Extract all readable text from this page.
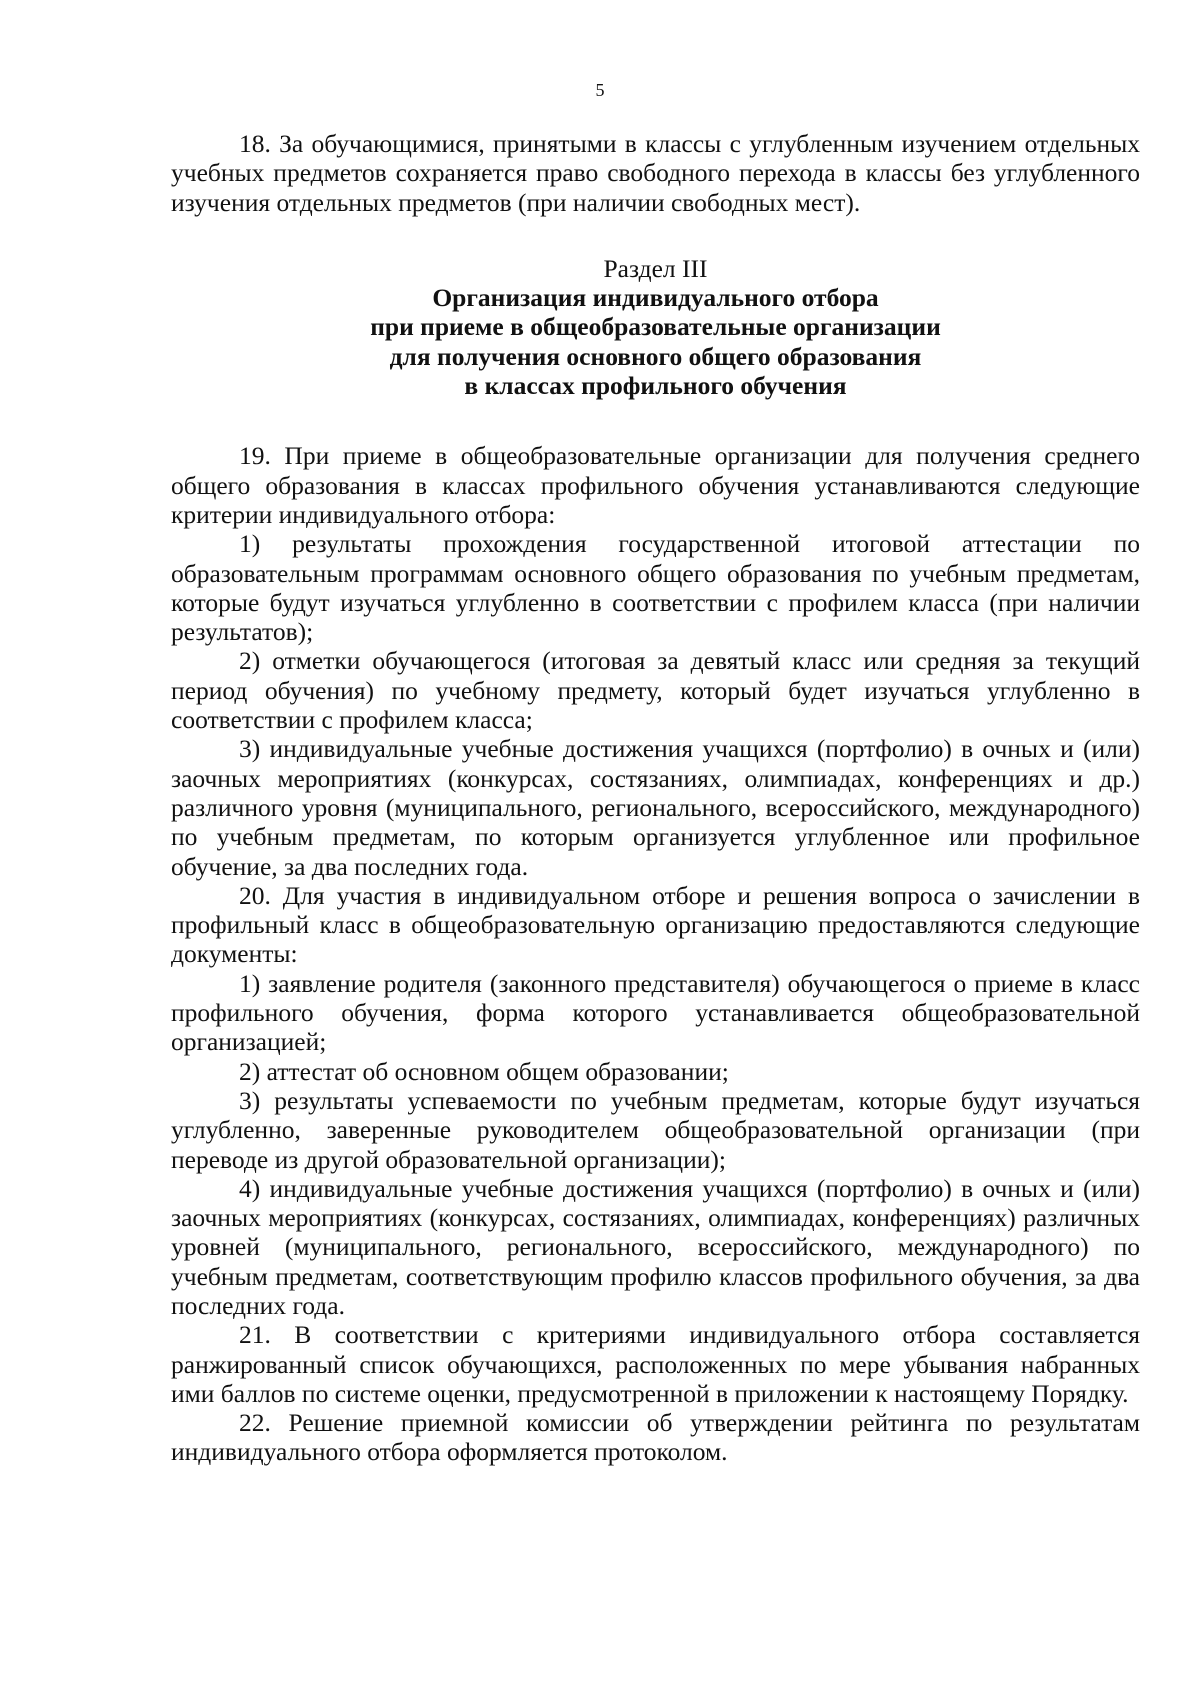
5

18. За обучающимися, принятыми в классы с углубленным изучением отдельных учебных предметов сохраняется право свободного перехода в классы без углубленного изучения отдельных предметов (при наличии свободных мест).

Раздел III
Организация индивидуального отбора
при приеме в общеобразовательные организации
для получения основного общего образования
в классах профильного обучения

19. При приеме в общеобразовательные организации для получения среднего общего образования в классах профильного обучения устанавливаются следующие критерии индивидуального отбора:

1) результаты прохождения государственной итоговой аттестации по образовательным программам основного общего образования по учебным предметам, которые будут изучаться углубленно в соответствии с профилем класса (при наличии результатов);

2) отметки обучающегося (итоговая за девятый класс или средняя за текущий период обучения) по учебному предмету, который будет изучаться углубленно в соответствии с профилем класса;

3) индивидуальные учебные достижения учащихся (портфолио) в очных и (или) заочных мероприятиях (конкурсах, состязаниях, олимпиадах, конференциях и др.) различного уровня (муниципального, регионального, всероссийского, международного) по учебным предметам, по которым организуется углубленное или профильное обучение, за два последних года.

20. Для участия в индивидуальном отборе и решения вопроса о зачислении в профильный класс в общеобразовательную организацию предоставляются следующие документы:

1) заявление родителя (законного представителя) обучающегося о приеме в класс профильного обучения, форма которого устанавливается общеобразовательной организацией;

2) аттестат об основном общем образовании;

3) результаты успеваемости по учебным предметам, которые будут изучаться углубленно, заверенные руководителем общеобразовательной организации (при переводе из другой образовательной организации);

4) индивидуальные учебные достижения учащихся (портфолио) в очных и (или) заочных мероприятиях (конкурсах, состязаниях, олимпиадах, конференциях) различных уровней (муниципального, регионального, всероссийского, международного) по учебным предметам, соответствующим профилю классов профильного обучения, за два последних года.

21. В соответствии с критериями индивидуального отбора составляется ранжированный список обучающихся, расположенных по мере убывания набранных ими баллов по системе оценки, предусмотренной в приложении к настоящему Порядку.

22. Решение приемной комиссии об утверждении рейтинга по результатам индивидуального отбора оформляется протоколом.
